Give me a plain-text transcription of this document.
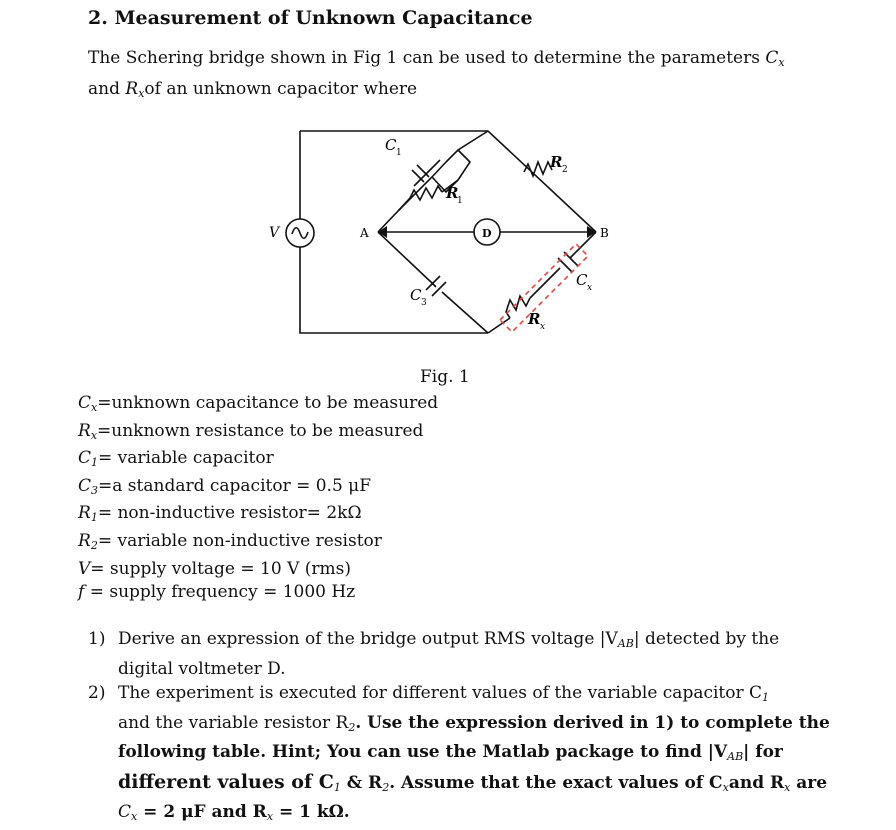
2. Measurement of Unknown Capacitance
The Schering bridge shown in Fig 1 can be used to determine the parameters $C_x$
and $R_xof$ an unknown capacitor where
V	A	B
D
C 1
R
1
R 2
C 3
C x
R x
Fig. 1
$C_x=unknown$ capacitance to be measured
$R_x=unknown$ resistance to be measured
$C_1=$ variable capacitor
$C_3=a$ standard capacitor = 0.5 μF
$R_1=$ non-inductive resistor= 2kΩ
$R_2=$ variable non-inductive resistor
V= supply voltage = 10 V (rms)
f = supply frequency = 1000 Hz
1) Derive an expression of the bridge output RMS voltage $|V_{AB}|$ detected by the
digital voltmeter D.
2) The experiment is executed for different values of the variable capacitor $C_1$
and the variable resistor $R_2$. Use the expression derived in 1) to complete the
following table. Hint; You can use the Matlab package to find $|V_{AB}|$ for
different values of $C_1$ & $R_2$. Assume that the exact values of $C_xand$ $R_x$ are
$C_x = 2$ μF and $R_x = 1$ kΩ.
